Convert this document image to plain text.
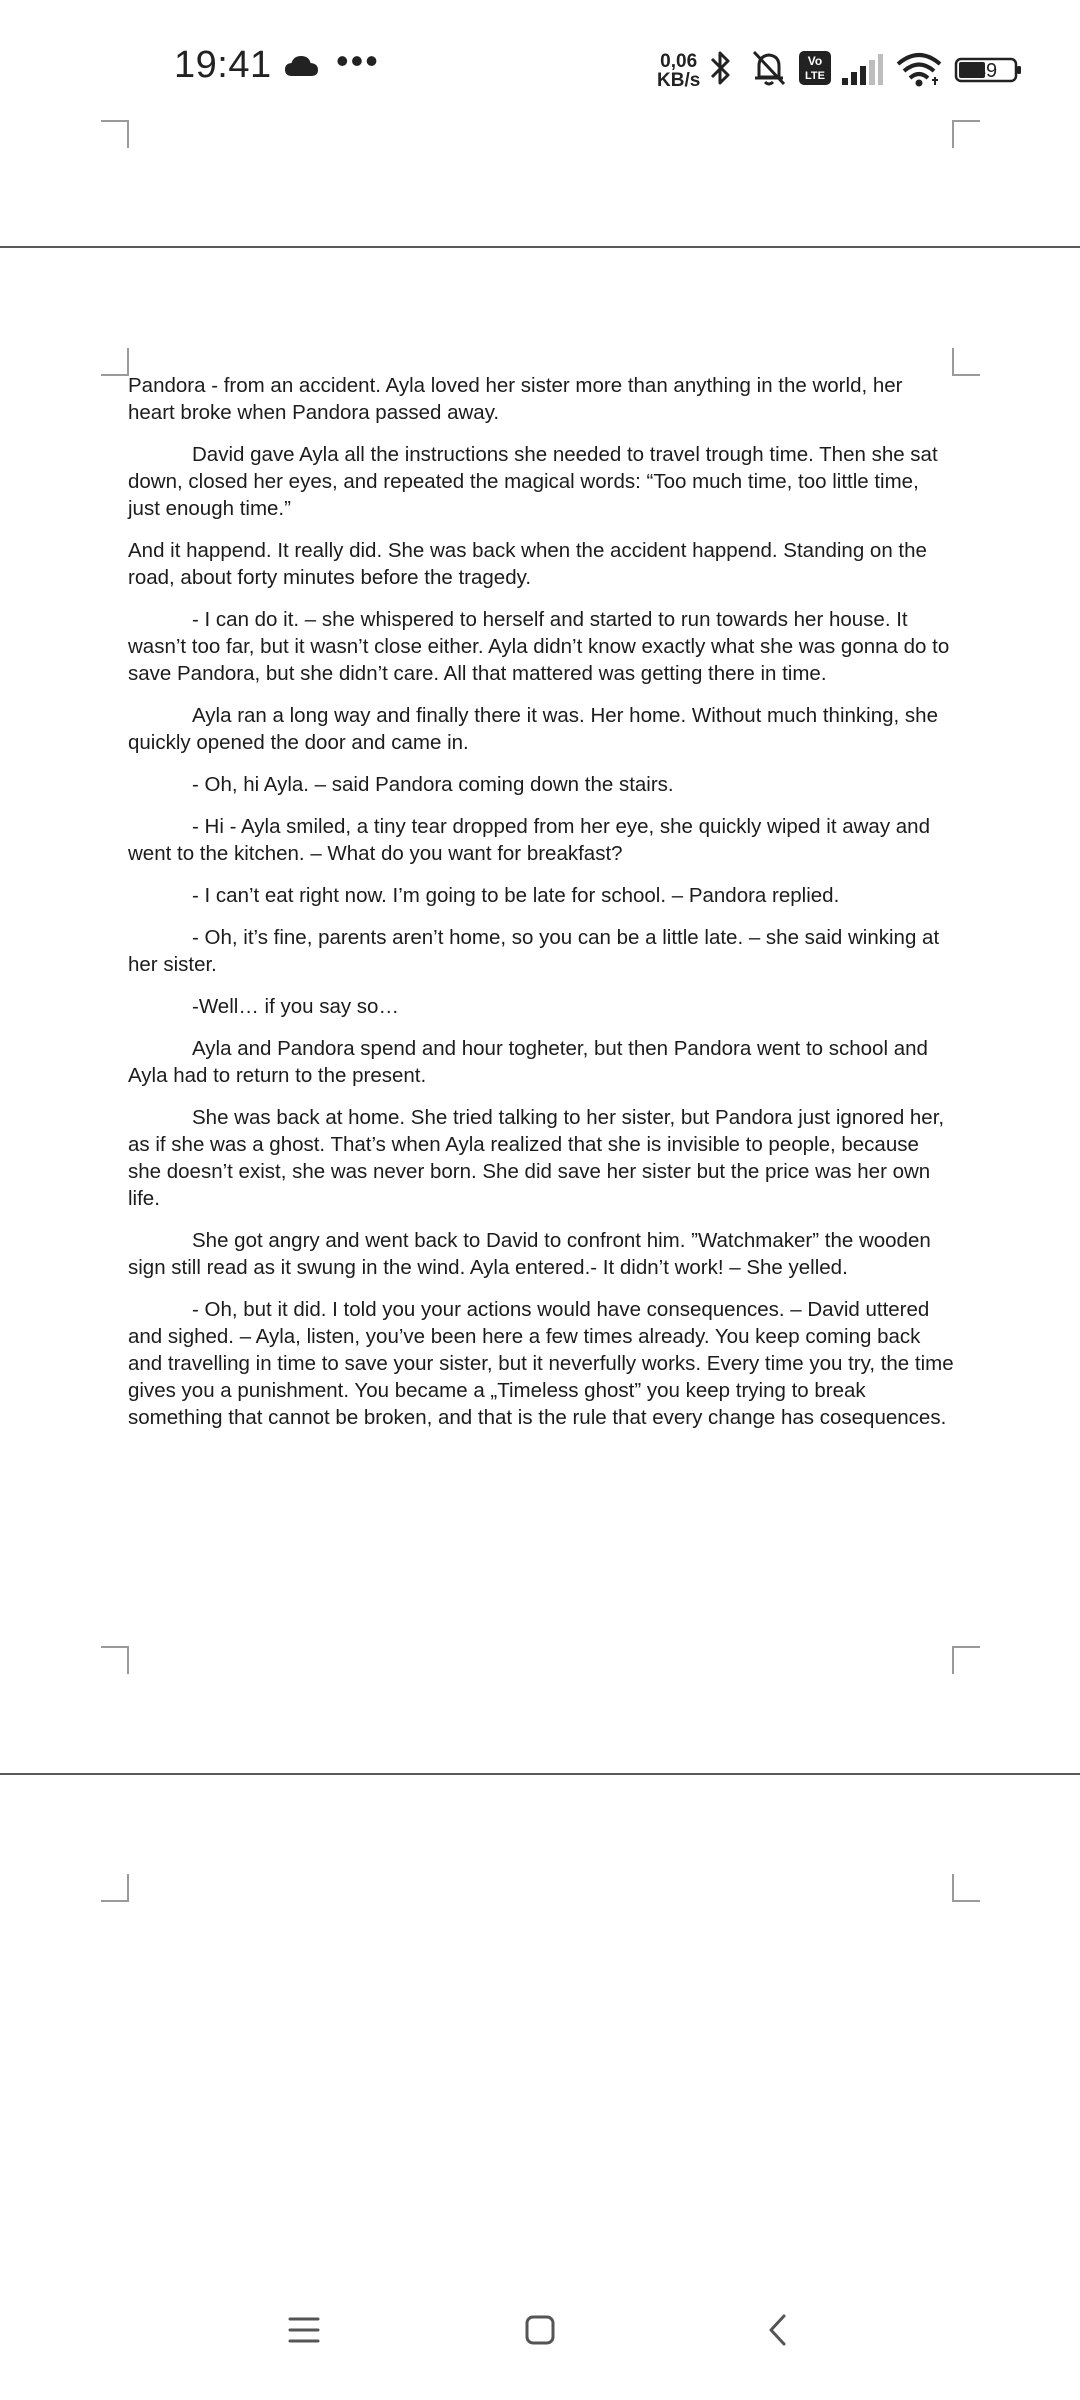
19:41 •••	0,06
KB/s
Vo
LTE	49

Pandora - from an accident. Ayla loved her sister more than anything in the world, her heart broke when Pandora passed away.

David gave Ayla all the instructions she needed to travel trough time. Then she sat down, closed her eyes, and repeated the magical words: “Too much time, too little time, just enough time.”

And it happend. It really did. She was back when the accident happend. Standing on the road, about forty minutes before the tragedy.

- I can do it. – she whispered to herself and started to run towards her house. It wasn’t too far, but it wasn’t close either. Ayla didn’t know exactly what she was gonna do to save Pandora, but she didn’t care. All that mattered was getting there in time.

Ayla ran a long way and finally there it was. Her home. Without much thinking, she quickly opened the door and came in.

- Oh, hi Ayla. – said Pandora coming down the stairs.

- Hi - Ayla smiled, a tiny tear dropped from her eye, she quickly wiped it away and went to the kitchen. – What do you want for breakfast?

- I can’t eat right now. I’m going to be late for school. – Pandora replied.

- Oh, it’s fine, parents aren’t home, so you can be a little late. – she said winking at her sister.

-Well… if you say so…

Ayla and Pandora spend and hour togheter, but then Pandora went to school and Ayla had to return to the present.

She was back at home. She tried talking to her sister, but Pandora just ignored her, as if she was a ghost. That’s when Ayla realized that she is invisible to people, because she doesn’t exist, she was never born. She did save her sister but the price was her own life.

She got angry and went back to David to confront him. ”Watchmaker” the wooden sign still read as it swung in the wind. Ayla entered.- It didn’t work! – She yelled.

- Oh, but it did. I told you your actions would have consequences. – David uttered and sighed. – Ayla, listen, you’ve been here a few times already. You keep coming back and travelling in time to save your sister, but it neverfully works. Every time you try, the time gives you a punishment. You became a „Timeless ghost” you keep trying to break something that cannot be broken, and that is the rule that every change has cosequences.
